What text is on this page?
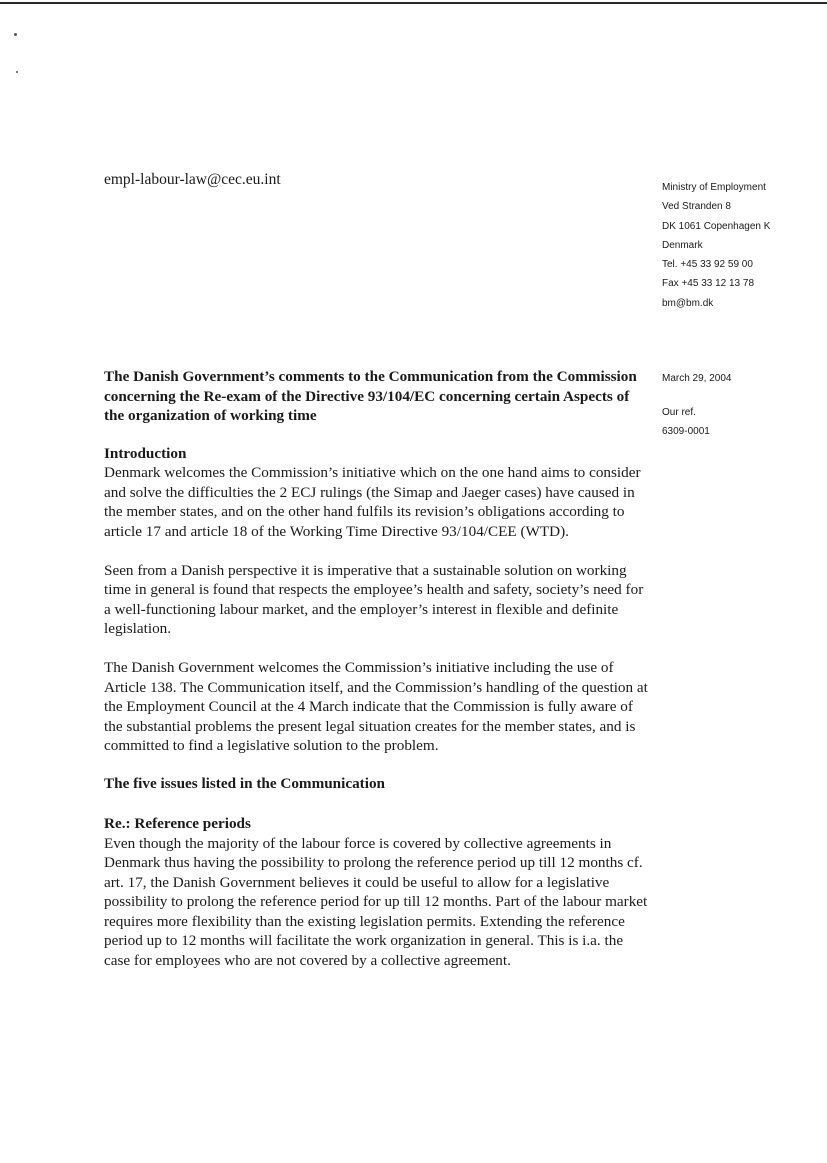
empl-labour-law@cec.eu.int	Ministry of Employment
Ved Stranden 8
DK 1061 Copenhagen K
Denmark
Tel. +45 33 92 59 00
Fax +45 33 12 13 78
bm@bm.dk
March 29, 2004
Our ref.
6309-0001

The Danish Government’s comments to the Communication from the Commission concerning the Re-exam of the Directive 93/104/EC concerning certain Aspects of the organization of working time

Introduction

Denmark welcomes the Commission’s initiative which on the one hand aims to consider and solve the difficulties the 2 ECJ rulings (the Simap and Jaeger cases) have caused in the member states, and on the other hand fulfils its revision’s obligations according to article 17 and article 18 of the Working Time Directive 93/104/CEE (WTD).

Seen from a Danish perspective it is imperative that a sustainable solution on working time in general is found that respects the employee’s health and safety, society’s need for a well-functioning labour market, and the employer’s interest in flexible and definite legislation.

The Danish Government welcomes the Commission’s initiative including the use of Article 138. The Communication itself, and the Commission’s handling of the question at the Employment Council at the 4 March indicate that the Commission is fully aware of the substantial problems the present legal situation creates for the member states, and is committed to find a legislative solution to the problem.

The five issues listed in the Communication

Re.: Reference periods

Even though the majority of the labour force is covered by collective agreements in Denmark thus having the possibility to prolong the reference period up till 12 months cf. art. 17, the Danish Government believes it could be useful to allow for a legislative possibility to prolong the reference period for up till 12 months. Part of the labour market requires more flexibility than the existing legislation permits. Extending the reference period up to 12 months will facilitate the work organization in general. This is i.a. the case for employees who are not covered by a collective agreement.
